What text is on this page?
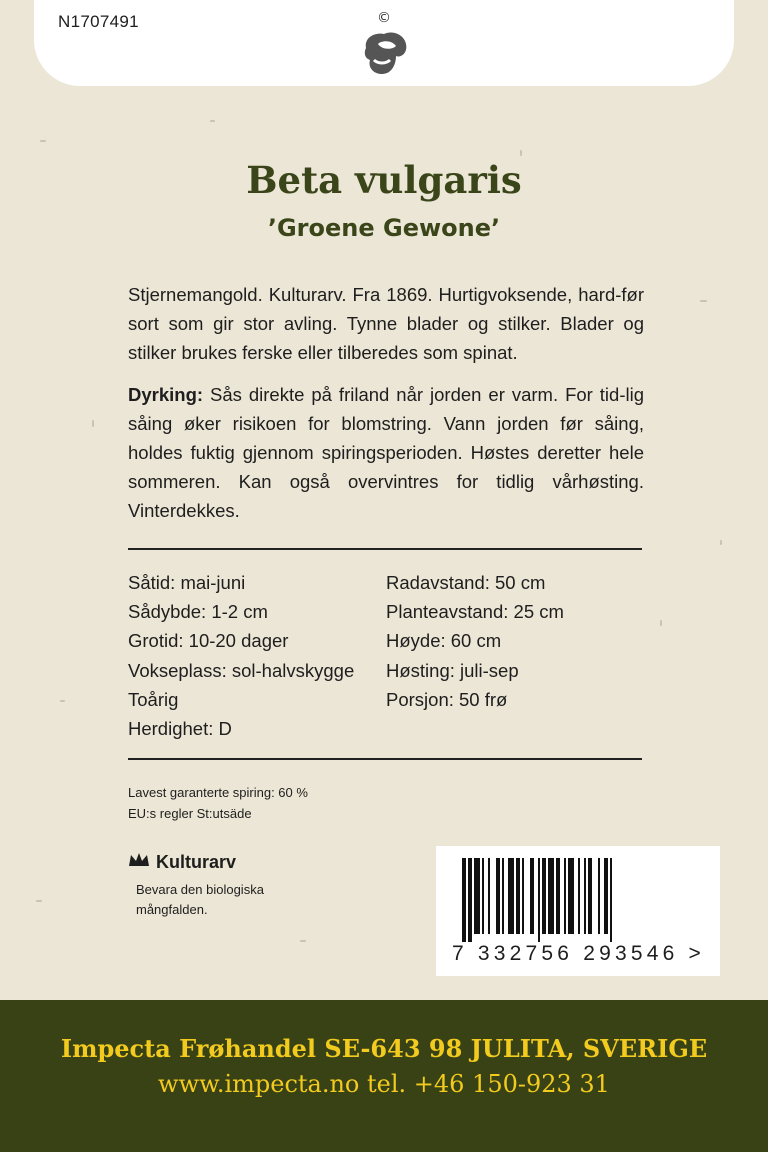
N1707491	©
Beta vulgaris
’Groene Gewone’

Stjernemangold. Kulturarv. Fra 1869. Hurtigvoksende, hard-før sort som gir stor avling. Tynne blader og stilker. Blader og stilker brukes ferske eller tilberedes som spinat.

Dyrking: Sås direkte på friland når jorden er varm. For tid-lig såing øker risikoen for blomstring. Vann jorden før såing, holdes fuktig gjennom spiringsperioden. Høstes deretter hele sommeren. Kan også overvintres for tidlig vårhøsting. Vinterdekkes.

Såtid: mai-juni
Sådybde: 1-2 cm
Grotid: 10-20 dager
Vokseplass: sol-halvskygge
Toårig
Herdighet: D
Radavstand: 50 cm
Planteavstand: 25 cm
Høyde: 60 cm
Høsting: juli-sep
Porsjon: 50 frø
Lavest garanterte spiring: 60 %
EU:s regler St:utsäde
Kulturarv
Bevara den biologiska mångfalden.
7 332756 293546 >
Impecta Frøhandel SE-643 98 JULITA, SVERIGE
www.impecta.no tel. +46 150-923 31
